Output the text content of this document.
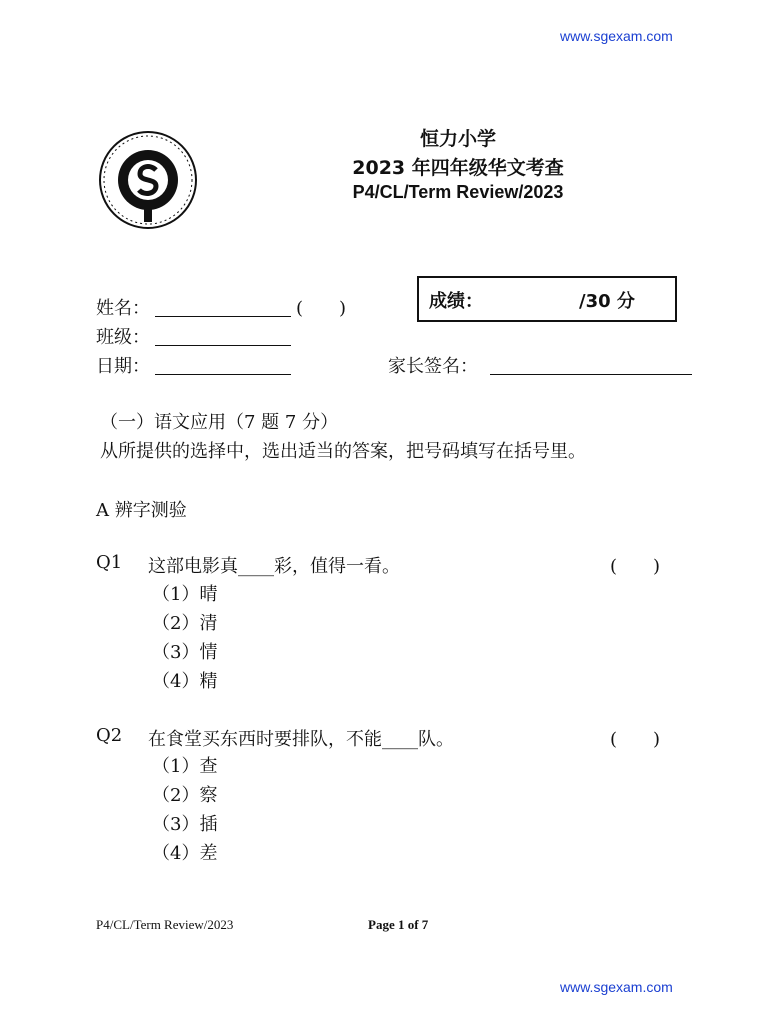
www.sgexam.com
恒力小学
2023 年四年级华文考查
P4/CL/Term Review/2023
成绩：	/30 分
姓名：	(　　)
班级：
日期：	家长签名：
（一）语文应用（7 题 7 分）
从所提供的选择中，选出适当的答案，把号码填写在括号里。
A 辨字测验
Q1 这部电影真____彩，值得一看。	(　　)
（1）晴
（2）清
（3）情
（4）精
Q2 在食堂买东西时要排队，不能____队。	(　　)
（1）查
（2）察
（3）插
（4）差
P4/CL/Term Review/2023	Page 1 of 7
www.sgexam.com
